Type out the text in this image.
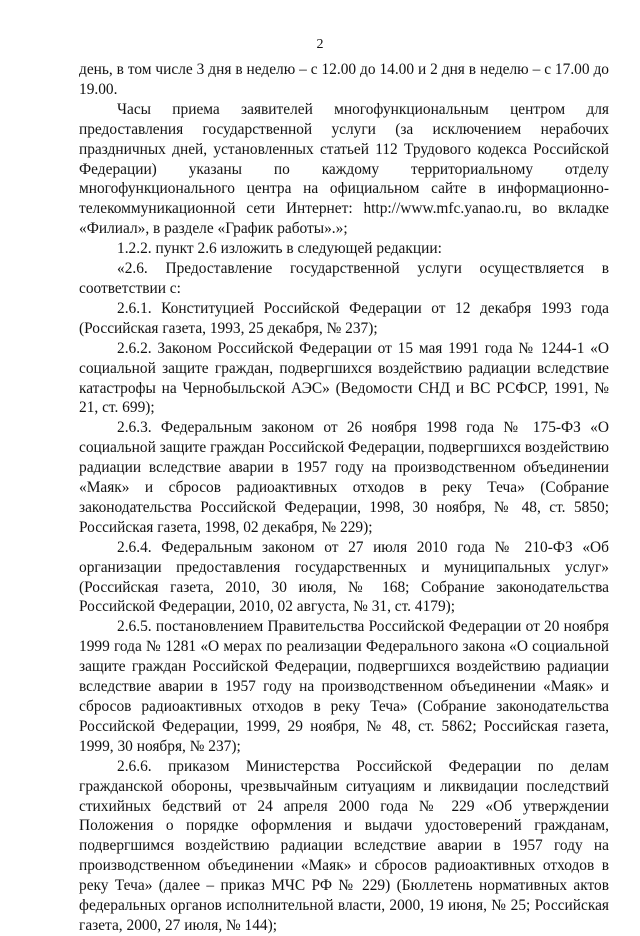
2

день, в том числе 3 дня в неделю – с 12.00 до 14.00 и 2 дня в неделю – с 17.00 до 19.00.

Часы приема заявителей многофункциональным центром для предоставления государственной услуги (за исключением нерабочих праздничных дней, установленных статьей 112 Трудового кодекса Российской Федерации) указаны по каждому территориальному отделу многофункционального центра на официальном сайте в информационно-телекоммуникационной сети Интернет: http://www.mfc.yanao.ru, во вкладке «Филиал», в разделе «График работы».»;

1.2.2. пункт 2.6 изложить в следующей редакции:

«2.6. Предоставление государственной услуги осуществляется в соответствии с:

2.6.1. Конституцией Российской Федерации от 12 декабря 1993 года (Российская газета, 1993, 25 декабря, № 237);

2.6.2. Законом Российской Федерации от 15 мая 1991 года № 1244-1 «О социальной защите граждан, подвергшихся воздействию радиации вследствие катастрофы на Чернобыльской АЭС» (Ведомости СНД и ВС РСФСР, 1991, № 21, ст. 699);

2.6.3. Федеральным законом от 26 ноября 1998 года № 175-ФЗ «О социальной защите граждан Российской Федерации, подвергшихся воздействию радиации вследствие аварии в 1957 году на производственном объединении «Маяк» и сбросов радиоактивных отходов в реку Теча» (Собрание законодательства Российской Федерации, 1998, 30 ноября, № 48, ст. 5850; Российская газета, 1998, 02 декабря, № 229);

2.6.4. Федеральным законом от 27 июля 2010 года № 210-ФЗ «Об организации предоставления государственных и муниципальных услуг» (Российская газета, 2010, 30 июля, № 168; Собрание законодательства Российской Федерации, 2010, 02 августа, № 31, ст. 4179);

2.6.5. постановлением Правительства Российской Федерации от 20 ноября 1999 года № 1281 «О мерах по реализации Федерального закона «О социальной защите граждан Российской Федерации, подвергшихся воздействию радиации вследствие аварии в 1957 году на производственном объединении «Маяк» и сбросов радиоактивных отходов в реку Теча» (Собрание законодательства Российской Федерации, 1999, 29 ноября, № 48, ст. 5862; Российская газета, 1999, 30 ноября, № 237);

2.6.6. приказом Министерства Российской Федерации по делам гражданской обороны, чрезвычайным ситуациям и ликвидации последствий стихийных бедствий от 24 апреля 2000 года № 229 «Об утверждении Положения о порядке оформления и выдачи удостоверений гражданам, подвергшимся воздействию радиации вследствие аварии в 1957 году на производственном объединении «Маяк» и сбросов радиоактивных отходов в реку Теча» (далее – приказ МЧС РФ № 229) (Бюллетень нормативных актов федеральных органов исполнительной власти, 2000, 19 июня, № 25; Российская газета, 2000, 27 июля, № 144);
